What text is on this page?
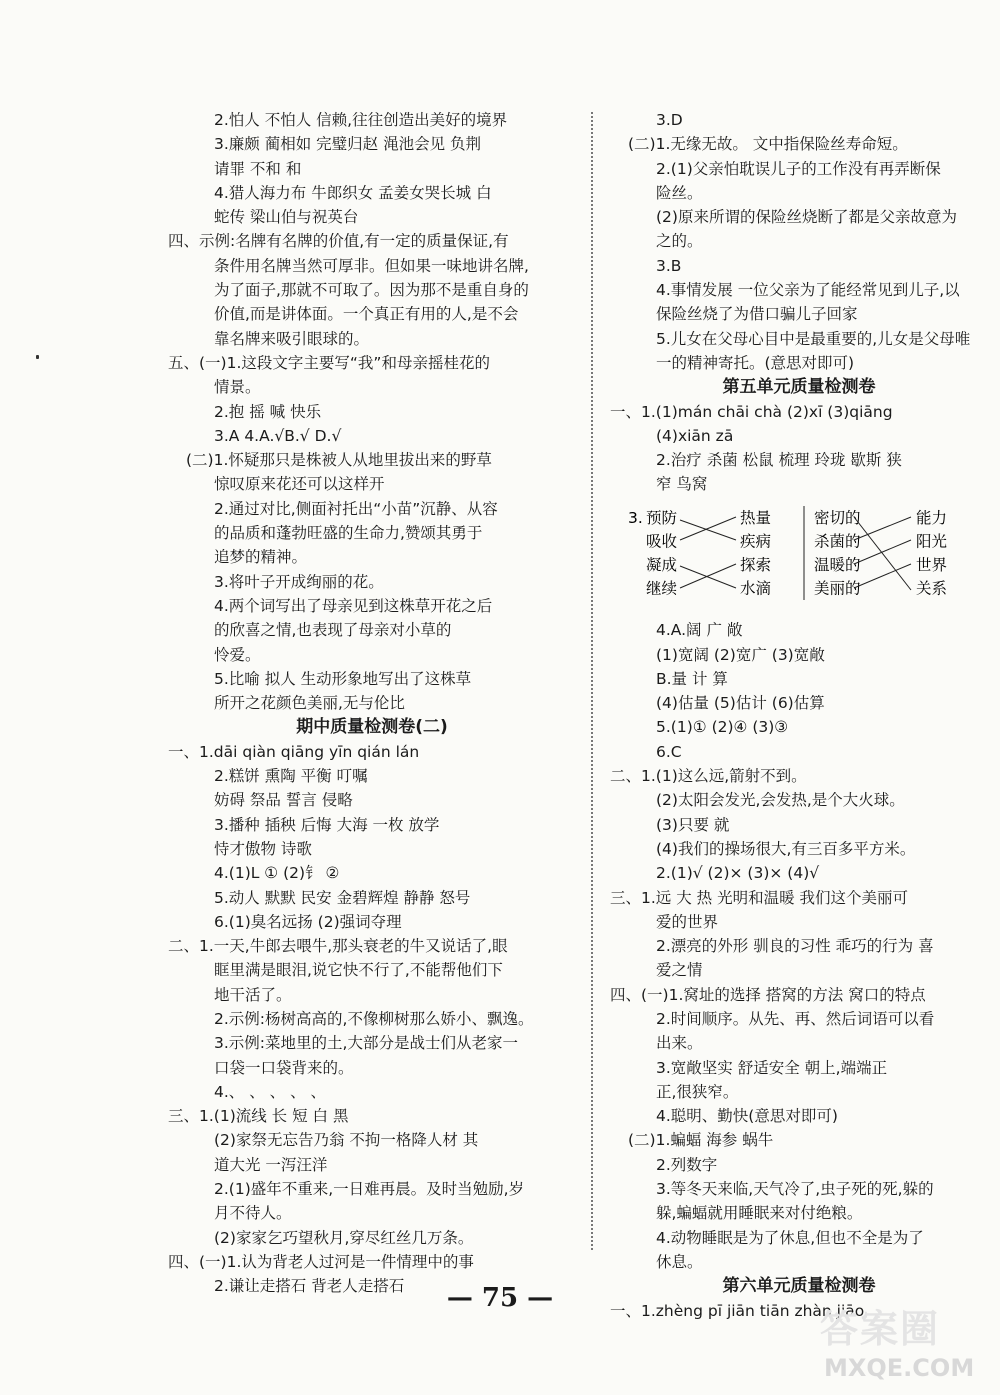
2.怕人 不怕人 信赖,往往创造出美好的境界
3.廉颇 蔺相如 完璧归赵 渑池会见 负荆
请罪 不和 和
4.猎人海力布 牛郎织女 孟姜女哭长城 白
蛇传 梁山伯与祝英台
四、示例:名牌有名牌的价值,有一定的质量保证,有
条件用名牌当然可厚非。但如果一味地讲名牌,
为了面子,那就不可取了。因为那不是重自身的
价值,而是讲体面。一个真正有用的人,是不会
靠名牌来吸引眼球的。
五、(一)1.这段文字主要写“我”和母亲摇桂花的
情景。
2.抱 摇 喊 快乐
3.A 4.A.√B.√ D.√
(二)1.怀疑那只是株被人从地里拔出来的野草
惊叹原来花还可以这样开
2.通过对比,侧面衬托出“小苗”沉静、从容
的品质和蓬勃旺盛的生命力,赞颂其勇于
追梦的精神。
3.将叶子开成绚丽的花。
4.两个词写出了母亲见到这株草开花之后
的欣喜之情,也表现了母亲对小草的
怜爱。
5.比喻 拟人 生动形象地写出了这株草
所开之花颜色美丽,无与伦比
期中质量检测卷(二)
一、1.dāi qiàn qiāng yīn qián lán
2.糕饼 熏陶 平衡 叮嘱
妨碍 祭品 誓言 侵略
3.播种 插秧 后悔 大海 一枚 放学
恃才傲物 诗歌
4.(1)L ① (2)钅 ②
5.动人 默默 民安 金碧辉煌 静静 怒号
6.(1)臭名远扬 (2)强词夺理
二、1.一天,牛郎去喂牛,那头衰老的牛又说话了,眼
眶里满是眼泪,说它快不行了,不能帮他们下
地干活了。
2.示例:杨树高高的,不像柳树那么娇小、飘逸。
3.示例:菜地里的土,大部分是战士们从老家一
口袋一口袋背来的。
4.、 、 、 、 、
三、1.(1)流线 长 短 白 黑
(2)家祭无忘告乃翁 不拘一格降人材 其
道大光 一泻汪洋
2.(1)盛年不重来,一日难再晨。及时当勉励,岁
月不待人。
(2)家家乞巧望秋月,穿尽红丝几万条。
四、(一)1.认为背老人过河是一件情理中的事
2.谦让走搭石 背老人走搭石
3.D
(二)1.无缘无故。 文中指保险丝寿命短。
2.(1)父亲怕耽误儿子的工作没有再弄断保
险丝。
(2)原来所谓的保险丝烧断了都是父亲故意为
之的。
3.B
4.事情发展 一位父亲为了能经常见到儿子,以
保险丝烧了为借口骗儿子回家
5.儿女在父母心目中是最重要的,儿女是父母唯
一的精神寄托。(意思对即可)
第五单元质量检测卷
一、1.(1)mán chāi chà (2)xī (3)qiāng
(4)xiān zā
2.治疗 杀菌 松鼠 梳理 玲珑 歇斯 狭
窄 鸟窝
4.A.阔 广 敞
(1)宽阔 (2)宽广 (3)宽敞
B.量 计 算
(4)估量 (5)估计 (6)估算
5.(1)① (2)④ (3)③
6.C
二、1.(1)这么远,箭射不到。
(2)太阳会发光,会发热,是个大火球。
(3)只要 就
(4)我们的操场很大,有三百多平方米。
2.(1)√ (2)× (3)× (4)√
三、1.远 大 热 光明和温暖 我们这个美丽可
爱的世界
2.漂亮的外形 驯良的习性 乖巧的行为 喜
爱之情
四、(一)1.窝址的选择 搭窝的方法 窝口的特点
2.时间顺序。从先、再、然后词语可以看
出来。
3.宽敞坚实 舒适安全 朝上,端端正
正,很狭窄。
4.聪明、勤快(意思对即可)
(二)1.蝙蝠 海参 蜗牛
2.列数字
3.等冬天来临,天气冷了,虫子死的死,躲的
躲,蝙蝠就用睡眠来对付绝粮。
4.动物睡眠是为了休息,但也不全是为了
休息。
第六单元质量检测卷
一、1.zhèng pī jiān tiān zhàn jiāo
3. 预防
吸收
凝成
继续
热量
疾病
探索
水滴
密切的
杀菌的
温暖的
美丽的
能力
阳光
世界
关系
— 75 —
答案圈
MXQE.COM
